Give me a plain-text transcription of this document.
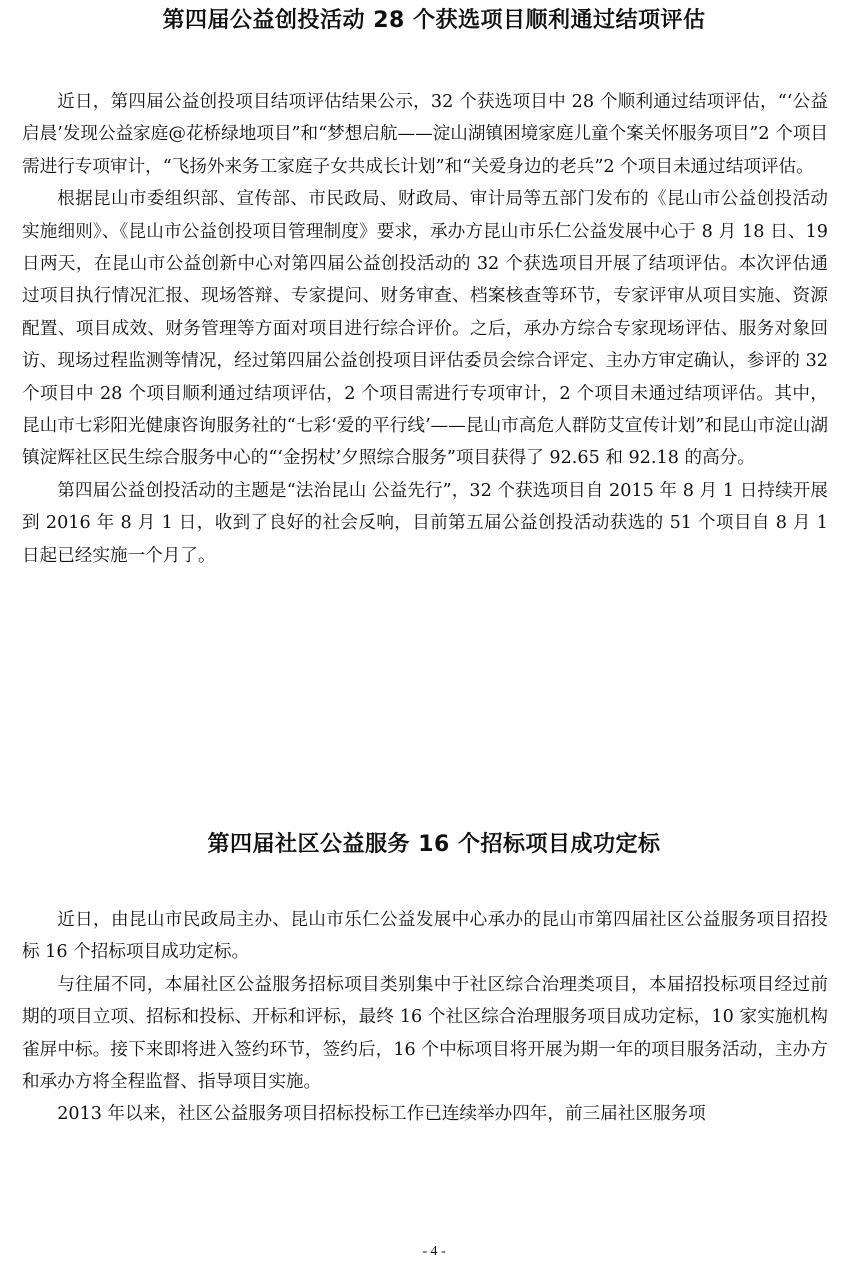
第四届公益创投活动 28 个获选项目顺利通过结项评估

近日，第四届公益创投项目结项评估结果公示，32 个获选项目中 28 个顺利通过结项评估，“‘公益启晨’发现公益家庭@花桥绿地项目”和“梦想启航——淀山湖镇困境家庭儿童个案关怀服务项目”2 个项目需进行专项审计，“飞扬外来务工家庭子女共成长计划”和“关爱身边的老兵”2 个项目未通过结项评估。

根据昆山市委组织部、宣传部、市民政局、财政局、审计局等五部门发布的《昆山市公益创投活动实施细则》、《昆山市公益创投项目管理制度》要求，承办方昆山市乐仁公益发展中心于 8 月 18 日、19 日两天，在昆山市公益创新中心对第四届公益创投活动的 32 个获选项目开展了结项评估。本次评估通过项目执行情况汇报、现场答辩、专家提问、财务审查、档案核查等环节，专家评审从项目实施、资源配置、项目成效、财务管理等方面对项目进行综合评价。之后，承办方综合专家现场评估、服务对象回访、现场过程监测等情况，经过第四届公益创投项目评估委员会综合评定、主办方审定确认，参评的 32 个项目中 28 个项目顺利通过结项评估，2 个项目需进行专项审计，2 个项目未通过结项评估。其中，昆山市七彩阳光健康咨询服务社的“七彩‘爱的平行线’——昆山市高危人群防艾宣传计划”和昆山市淀山湖镇淀辉社区民生综合服务中心的“‘金拐杖’夕照综合服务”项目获得了 92.65 和 92.18 的高分。

第四届公益创投活动的主题是“法治昆山 公益先行”，32 个获选项目自 2015 年 8 月 1 日持续开展到 2016 年 8 月 1 日，收到了良好的社会反响，目前第五届公益创投活动获选的 51 个项目自 8 月 1 日起已经实施一个月了。

第四届社区公益服务 16 个招标项目成功定标

近日，由昆山市民政局主办、昆山市乐仁公益发展中心承办的昆山市第四届社区公益服务项目招投标 16 个招标项目成功定标。

与往届不同，本届社区公益服务招标项目类别集中于社区综合治理类项目，本届招投标项目经过前期的项目立项、招标和投标、开标和评标，最终 16 个社区综合治理服务项目成功定标，10 家实施机构雀屏中标。接下来即将进入签约环节，签约后，16 个中标项目将开展为期一年的项目服务活动，主办方和承办方将全程监督、指导项目实施。

2013 年以来，社区公益服务项目招标投标工作已连续举办四年，前三届社区服务项

- 4 -
